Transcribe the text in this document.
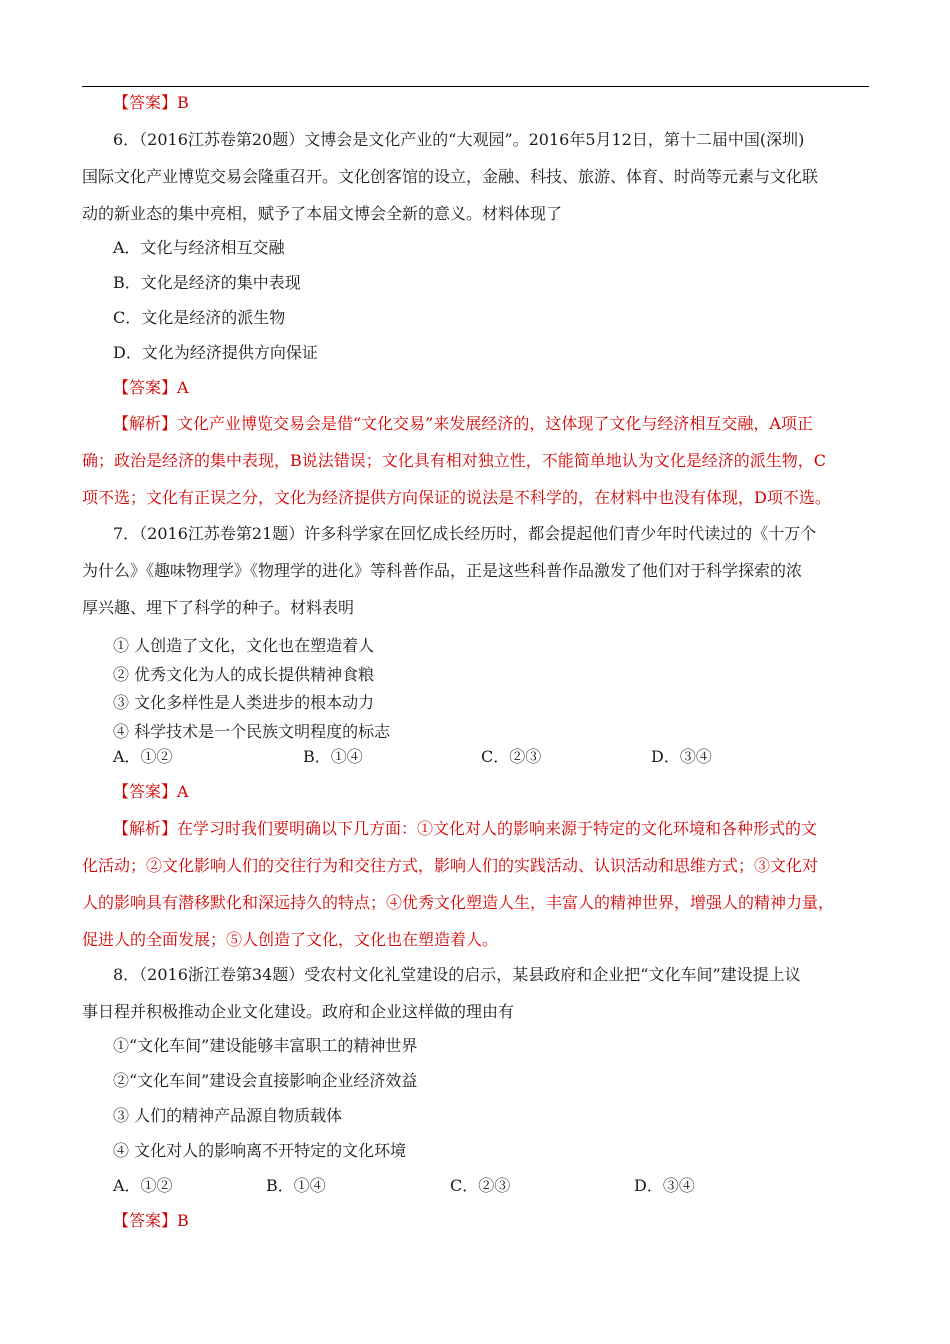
【答案】B
6．（2016江苏卷第20题）文博会是文化产业的“大观园”。2016年5月12日，第十二届中国(深圳)
国际文化产业博览交易会隆重召开。文化创客馆的设立，金融、科技、旅游、体育、时尚等元素与文化联
动的新业态的集中亮相，赋予了本届文博会全新的意义。材料体现了
A．文化与经济相互交融
B．文化是经济的集中表现
C．文化是经济的派生物
D．文化为经济提供方向保证
【答案】A
【解析】文化产业博览交易会是借“文化交易”来发展经济的，这体现了文化与经济相互交融，A项正
确；政治是经济的集中表现，B说法错误；文化具有相对独立性，不能简单地认为文化是经济的派生物，C
项不选；文化有正误之分，文化为经济提供方向保证的说法是不科学的，在材料中也没有体现，D项不选。
7．（2016江苏卷第21题）许多科学家在回忆成长经历时，都会提起他们青少年时代读过的《十万个
为什么》《趣味物理学》《物理学的进化》等科普作品，正是这些科普作品激发了他们对于科学探索的浓
厚兴趣、埋下了科学的种子。材料表明
① 人创造了文化，文化也在塑造着人
② 优秀文化为人的成长提供精神食粮
③ 文化多样性是人类进步的根本动力
④ 科学技术是一个民族文明程度的标志
A．①②	B．①④	C．②③	D．③④
【答案】A
【解析】在学习时我们要明确以下几方面：①文化对人的影响来源于特定的文化环境和各种形式的文
化活动；②文化影响人们的交往行为和交往方式，影响人们的实践活动、认识活动和思维方式；③文化对
人的影响具有潜移默化和深远持久的特点；④优秀文化塑造人生，丰富人的精神世界，增强人的精神力量，
促进人的全面发展；⑤人创造了文化，文化也在塑造着人。
8．（2016浙江卷第34题）受农村文化礼堂建设的启示，某县政府和企业把“文化车间”建设提上议
事日程并积极推动企业文化建设。政府和企业这样做的理由有
①“文化车间”建设能够丰富职工的精神世界
②“文化车间”建设会直接影响企业经济效益
③ 人们的精神产品源自物质载体
④ 文化对人的影响离不开特定的文化环境
A．①②	B．①④	C．②③	D．③④
【答案】B
